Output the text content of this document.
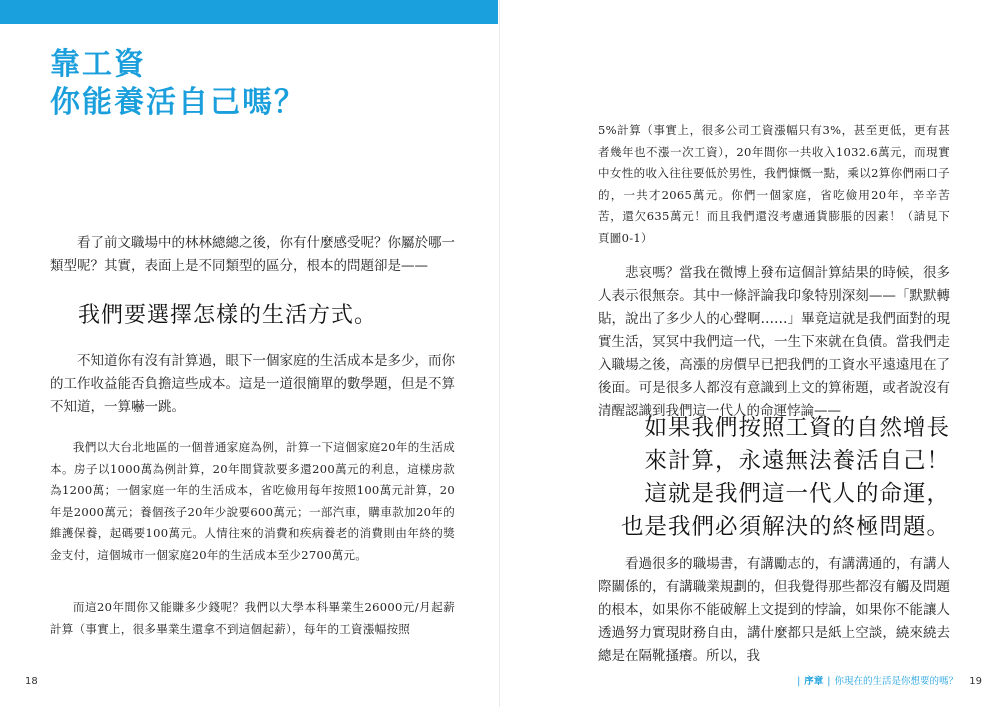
靠工資
你能養活自己嗎？

看了前文職場中的林林總總之後，你有什麼感受呢？你屬於哪一類型呢？其實，表面上是不同類型的區分，根本的問題卻是——

我們要選擇怎樣的生活方式。

不知道你有沒有計算過，眼下一個家庭的生活成本是多少，而你的工作收益能否負擔這些成本。這是一道很簡單的數學題，但是不算不知道，一算嚇一跳。

我們以大台北地區的一個普通家庭為例，計算一下這個家庭20年的生活成本。房子以1000萬為例計算，20年間貸款要多還200萬元的利息，這樣房款為1200萬；一個家庭一年的生活成本，省吃儉用每年按照100萬元計算，20年是2000萬元；養個孩子20年少說要600萬元；一部汽車，購車款加20年的維護保養，起碼要100萬元。人情往來的消費和疾病養老的消費則由年終的獎金支付，這個城市一個家庭20年的生活成本至少2700萬元。

而這20年間你又能賺多少錢呢？我們以大學本科畢業生26000元/月起薪計算（事實上，很多畢業生還拿不到這個起薪），每年的工資漲幅按照

18

5%計算（事實上，很多公司工資漲幅只有3%，甚至更低，更有甚者幾年也不漲一次工資），20年間你一共收入1032.6萬元，而現實中女性的收入往往要低於男性，我們慷慨一點，乘以2算你們兩口子的，一共才2065萬元。你們一個家庭，省吃儉用20年，辛辛苦苦，還欠635萬元！而且我們還沒考慮通貨膨脹的因素！（請見下頁圖0-1）

悲哀嗎？當我在微博上發布這個計算結果的時候，很多人表示很無奈。其中一條評論我印象特別深刻——「默默轉貼，說出了多少人的心聲啊……」畢竟這就是我們面對的現實生活，冥冥中我們這一代，一生下來就在負債。當我們走入職場之後，高漲的房價早已把我們的工資水平遠遠甩在了後面。可是很多人都沒有意識到上文的算術題，或者說沒有清醒認識到我們這一代人的命運悖論——

如果我們按照工資的自然增長
來計算，永遠無法養活自己！
這就是我們這一代人的命運，
也是我們必須解決的終極問題。

看過很多的職場書，有講勵志的，有講溝通的，有講人際關係的，有講職業規劃的，但我覺得那些都沒有觸及問題的根本，如果你不能破解上文提到的悖論，如果你不能讓人透過努力實現財務自由，講什麼都只是紙上空談，繞來繞去總是在隔靴搔癢。所以，我

| 序章 | 你現在的生活是你想要的嗎？ 19
